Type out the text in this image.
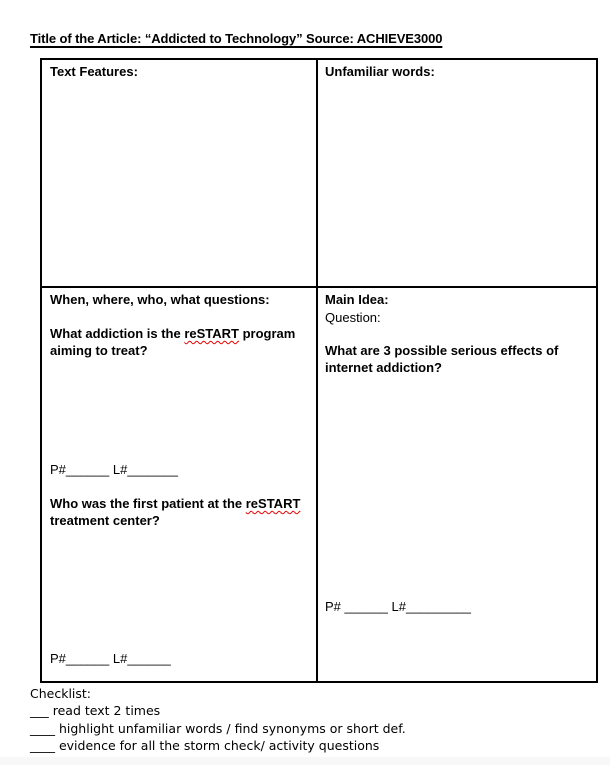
Title of the Article: “Addicted to Technology” Source: ACHIEVE3000
Text Features:	Unfamiliar words:
When, where, who, what questions:
What addiction is the reSTART program
aiming to treat?
P#______ L#_______
Who was the first patient at the reSTART
treatment center?
P#______ L#______
Main Idea:
Question:
What are 3 possible serious effects of
internet addiction?
P# ______ L#_________
Checklist:
___ read text 2 times
____ highlight unfamiliar words / find synonyms or short def.
____ evidence for all the storm check/ activity questions
